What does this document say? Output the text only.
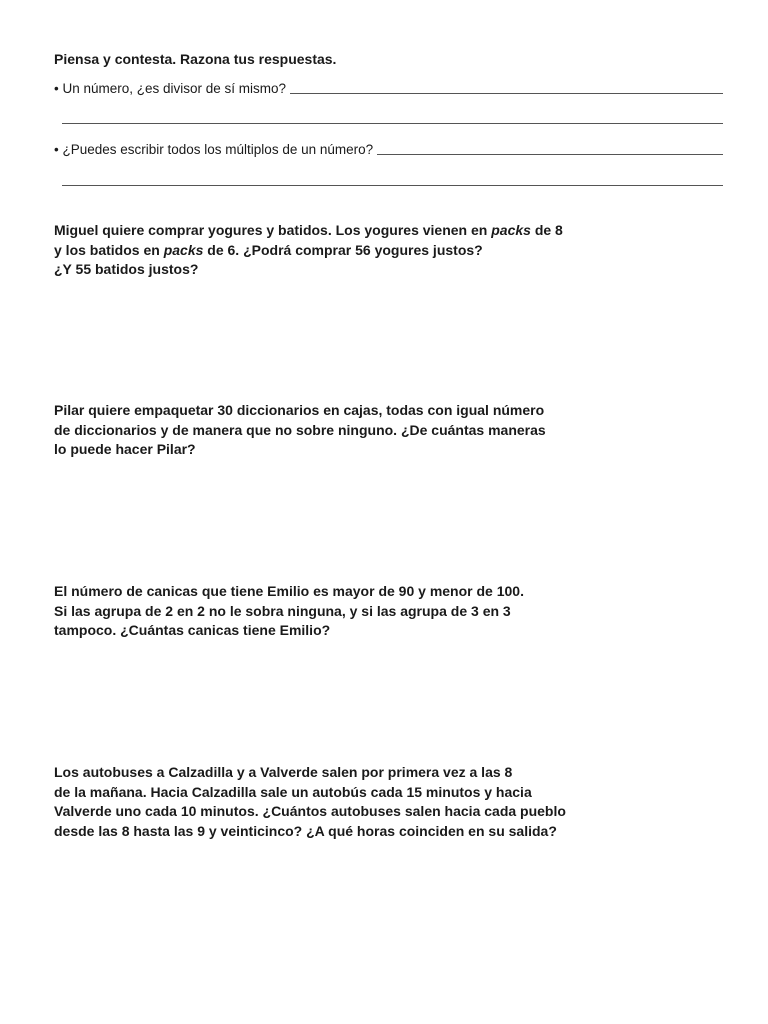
Piensa y contesta. Razona tus respuestas.
• Un número, ¿es divisor de sí mismo?
• ¿Puedes escribir todos los múltiplos de un número?

Miguel quiere comprar yogures y batidos. Los yogures vienen en packs de 8
y los batidos en packs de 6. ¿Podrá comprar 56 yogures justos?
¿Y 55 batidos justos?

Pilar quiere empaquetar 30 diccionarios en cajas, todas con igual número
de diccionarios y de manera que no sobre ninguno. ¿De cuántas maneras
lo puede hacer Pilar?

El número de canicas que tiene Emilio es mayor de 90 y menor de 100.
Si las agrupa de 2 en 2 no le sobra ninguna, y si las agrupa de 3 en 3
tampoco. ¿Cuántas canicas tiene Emilio?

Los autobuses a Calzadilla y a Valverde salen por primera vez a las 8
de la mañana. Hacia Calzadilla sale un autobús cada 15 minutos y hacia
Valverde uno cada 10 minutos. ¿Cuántos autobuses salen hacia cada pueblo
desde las 8 hasta las 9 y veinticinco? ¿A qué horas coinciden en su salida?
